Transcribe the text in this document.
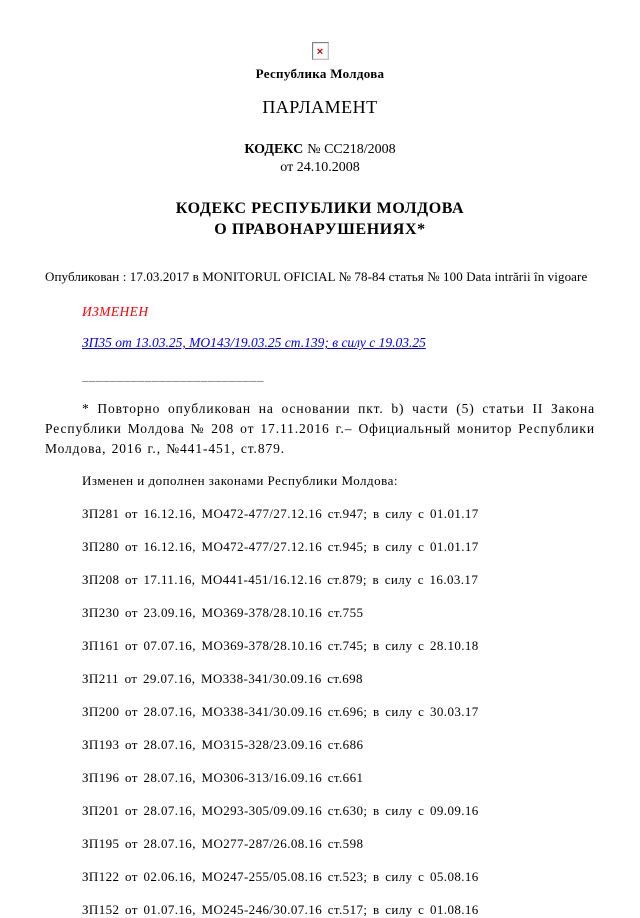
×
Республика Молдова
ПАРЛАМЕНТ
КОДЕКС № CC218/2008
от 24.10.2008
КОДЕКС РЕСПУБЛИКИ МОЛДОВА
О ПРАВОНАРУШЕНИЯХ*
Опубликован : 17.03.2017 в MONITORUL OFICIAL № 78-84 статья № 100 Data intrării în vigoare
ИЗМЕНЕН
ЗП35 от 13.03.25, МО143/19.03.25 ст.139; в силу с 19.03.25
__________________________
* Повторно опубликован на основании пкт. b) части (5) статьи II Закона Республики Молдова № 208 от 17.11.2016 г.– Официальный монитор Республики Молдова, 2016 г., №441-451, ст.879.
Изменен и дополнен законами Республики Молдова:
ЗП281 от 16.12.16, МО472-477/27.12.16 ст.947; в силу с 01.01.17
ЗП280 от 16.12.16, МО472-477/27.12.16 ст.945; в силу с 01.01.17
ЗП208 от 17.11.16, МО441-451/16.12.16 ст.879; в силу с 16.03.17
ЗП230 от 23.09.16, МО369-378/28.10.16 ст.755
ЗП161 от 07.07.16, МО369-378/28.10.16 ст.745; в силу с 28.10.18
ЗП211 от 29.07.16, МО338-341/30.09.16 ст.698
ЗП200 от 28.07.16, МО338-341/30.09.16 ст.696; в силу с 30.03.17
ЗП193 от 28.07.16, МО315-328/23.09.16 ст.686
ЗП196 от 28.07.16, МО306-313/16.09.16 ст.661
ЗП201 от 28.07.16, МО293-305/09.09.16 ст.630; в силу с 09.09.16
ЗП195 от 28.07.16, МО277-287/26.08.16 ст.598
ЗП122 от 02.06.16, МО247-255/05.08.16 ст.523; в силу с 05.08.16
ЗП152 от 01.07.16, МО245-246/30.07.16 ст.517; в силу с 01.08.16
